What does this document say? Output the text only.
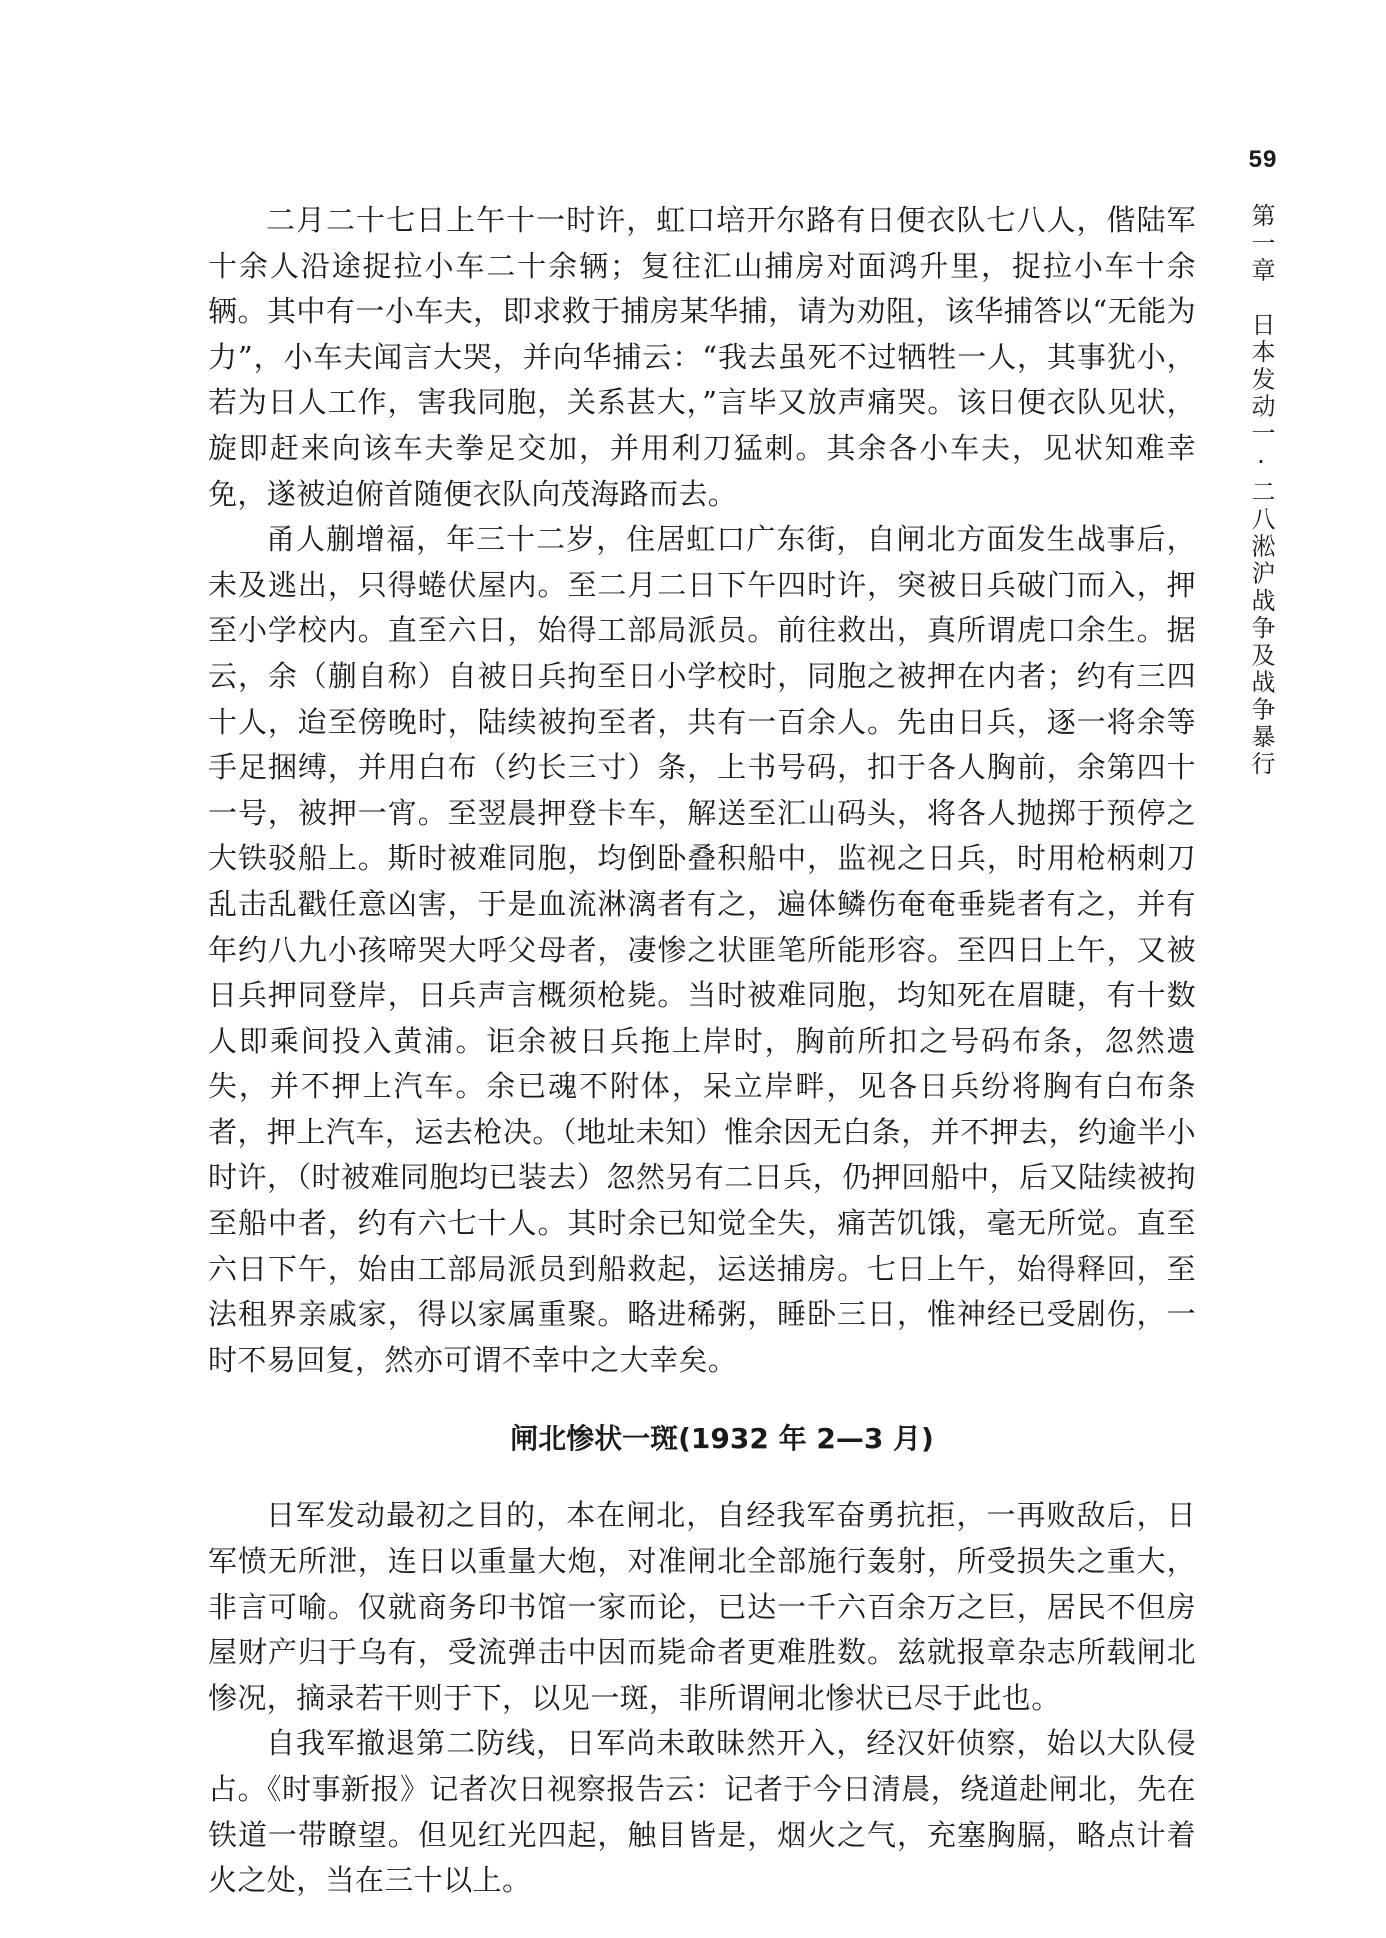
59
第一章　日本发动一·二八淞沪战争及战争暴行

二月二十七日上午十一时许，虹口培开尔路有日便衣队七八人，偕陆军十余人沿途捉拉小车二十余辆；复往汇山捕房对面鸿升里，捉拉小车十余辆。其中有一小车夫，即求救于捕房某华捕，请为劝阻，该华捕答以“无能为力”，小车夫闻言大哭，并向华捕云：“我去虽死不过牺牲一人，其事犹小，若为日人工作，害我同胞，关系甚大，”言毕又放声痛哭。该日便衣队见状，旋即赶来向该车夫拳足交加，并用利刀猛刺。其余各小车夫，见状知难幸免，遂被迫俯首随便衣队向茂海路而去。

甬人蒯增福，年三十二岁，住居虹口广东街，自闸北方面发生战事后，未及逃出，只得蜷伏屋内。至二月二日下午四时许，突被日兵破门而入，押至小学校内。直至六日，始得工部局派员。前往救出，真所谓虎口余生。据云，余（蒯自称）自被日兵拘至日小学校时，同胞之被押在内者；约有三四十人，迨至傍晚时，陆续被拘至者，共有一百余人。先由日兵，逐一将余等手足捆缚，并用白布（约长三寸）条，上书号码，扣于各人胸前，余第四十一号，被押一宵。至翌晨押登卡车，解送至汇山码头，将各人抛掷于预停之大铁驳船上。斯时被难同胞，均倒卧叠积船中，监视之日兵，时用枪柄刺刀乱击乱戳任意凶害，于是血流淋漓者有之，遍体鳞伤奄奄垂毙者有之，并有年约八九小孩啼哭大呼父母者，凄惨之状匪笔所能形容。至四日上午，又被日兵押同登岸，日兵声言概须枪毙。当时被难同胞，均知死在眉睫，有十数人即乘间投入黄浦。讵余被日兵拖上岸时，胸前所扣之号码布条，忽然遗失，并不押上汽车。余已魂不附体，呆立岸畔，见各日兵纷将胸有白布条者，押上汽车，运去枪决。（地址未知）惟余因无白条，并不押去，约逾半小时许，（时被难同胞均已装去）忽然另有二日兵，仍押回船中，后又陆续被拘至船中者，约有六七十人。其时余已知觉全失，痛苦饥饿，毫无所觉。直至六日下午，始由工部局派员到船救起，运送捕房。七日上午，始得释回，至法租界亲戚家，得以家属重聚。略进稀粥，睡卧三日，惟神经已受剧伤，一时不易回复，然亦可谓不幸中之大幸矣。

闸北惨状一斑(1932 年 2—3 月)

日军发动最初之目的，本在闸北，自经我军奋勇抗拒，一再败敌后，日军愤无所泄，连日以重量大炮，对准闸北全部施行轰射，所受损失之重大，非言可喻。仅就商务印书馆一家而论，已达一千六百余万之巨，居民不但房屋财产归于乌有，受流弹击中因而毙命者更难胜数。兹就报章杂志所载闸北惨况，摘录若干则于下，以见一斑，非所谓闸北惨状已尽于此也。

自我军撤退第二防线，日军尚未敢昧然开入，经汉奸侦察，始以大队侵占。《时事新报》记者次日视察报告云：记者于今日清晨，绕道赴闸北，先在铁道一带瞭望。但见红光四起，触目皆是，烟火之气，充塞胸膈，略点计着火之处，当在三十以上。
